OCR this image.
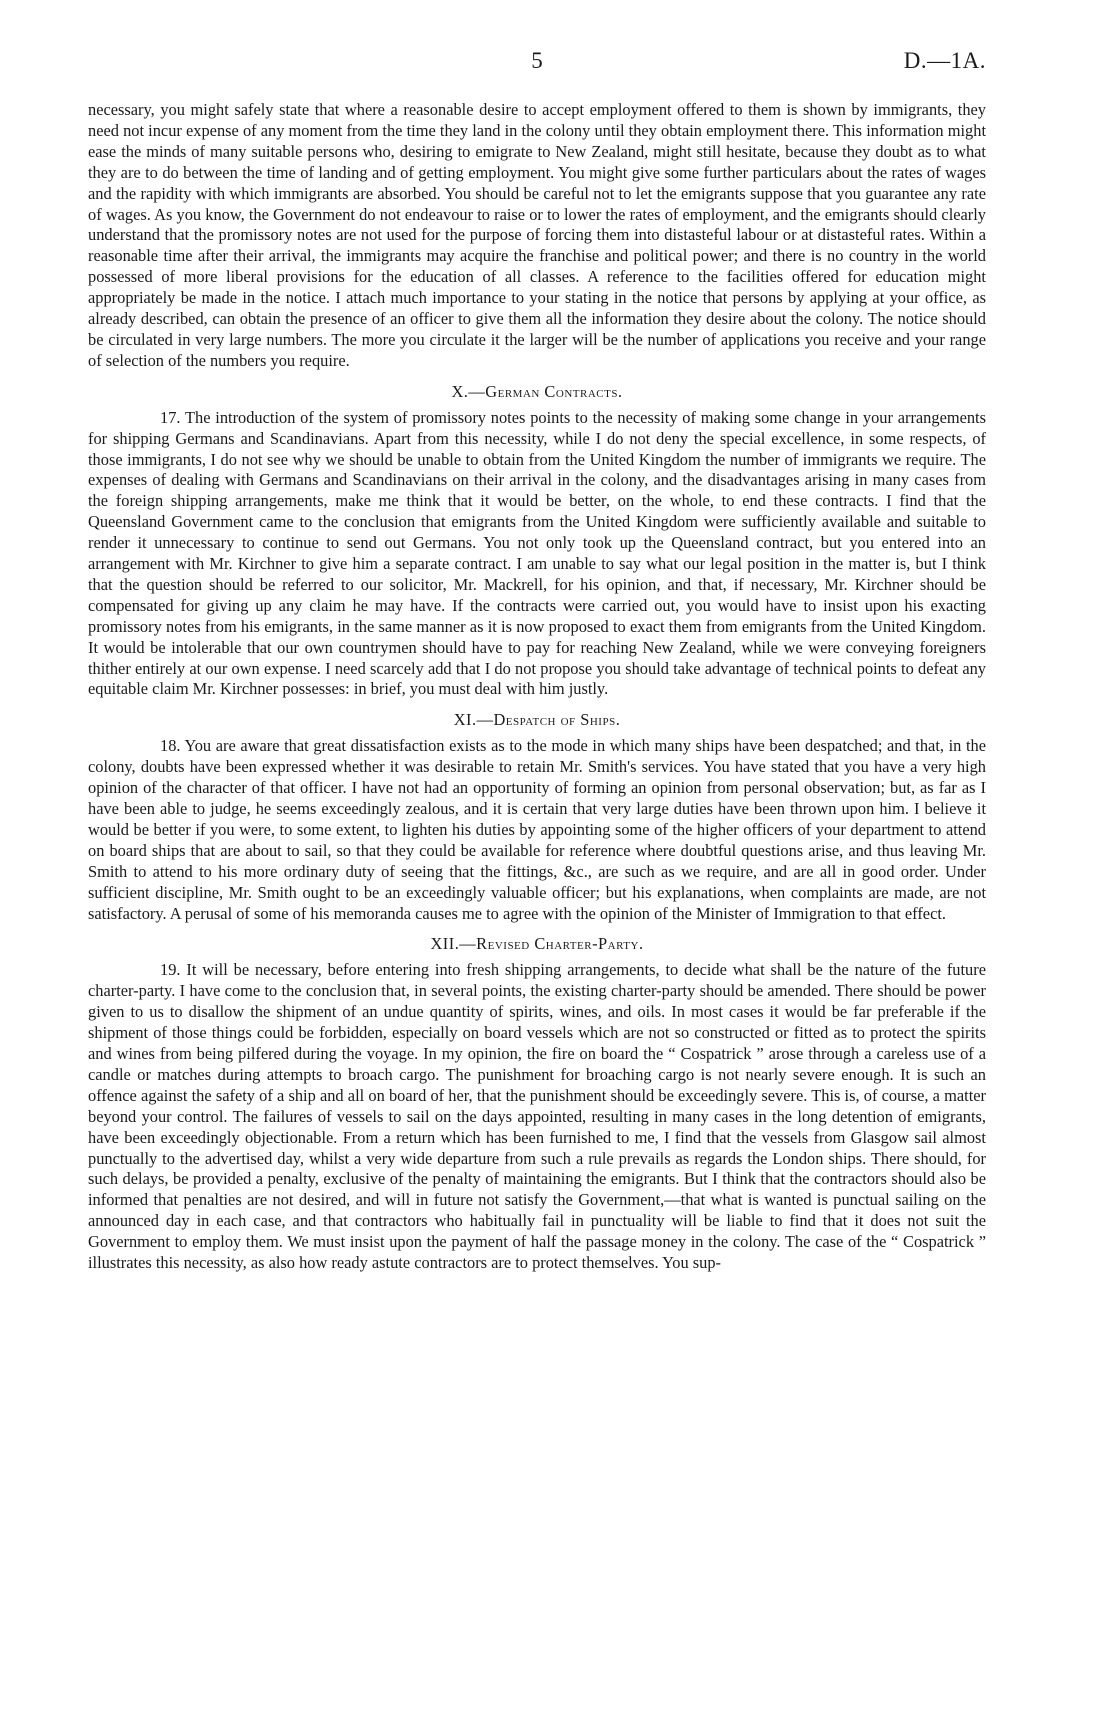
5	D.—1A.

necessary, you might safely state that where a reasonable desire to accept employment offered to them is shown by immigrants, they need not incur expense of any moment from the time they land in the colony until they obtain employment there. This information might ease the minds of many suitable persons who, desiring to emigrate to New Zealand, might still hesitate, because they doubt as to what they are to do between the time of landing and of getting employment. You might give some further particulars about the rates of wages and the rapidity with which immigrants are absorbed. You should be careful not to let the emigrants suppose that you guarantee any rate of wages. As you know, the Government do not endeavour to raise or to lower the rates of employment, and the emigrants should clearly understand that the promissory notes are not used for the purpose of forcing them into distasteful labour or at distasteful rates. Within a reasonable time after their arrival, the immigrants may acquire the franchise and political power; and there is no country in the world possessed of more liberal provisions for the education of all classes. A reference to the facilities offered for education might appropriately be made in the notice. I attach much importance to your stating in the notice that persons by applying at your office, as already described, can obtain the presence of an officer to give them all the information they desire about the colony. The notice should be circulated in very large numbers. The more you circulate it the larger will be the number of applications you receive and your range of selection of the numbers you require.

X.—German Contracts.

17. The introduction of the system of promissory notes points to the necessity of making some change in your arrangements for shipping Germans and Scandinavians. Apart from this necessity, while I do not deny the special excellence, in some respects, of those immigrants, I do not see why we should be unable to obtain from the United Kingdom the number of immigrants we require. The expenses of dealing with Germans and Scandinavians on their arrival in the colony, and the disadvantages arising in many cases from the foreign shipping arrangements, make me think that it would be better, on the whole, to end these contracts. I find that the Queensland Government came to the conclusion that emigrants from the United Kingdom were sufficiently available and suitable to render it unnecessary to continue to send out Germans. You not only took up the Queensland contract, but you entered into an arrangement with Mr. Kirchner to give him a separate contract. I am unable to say what our legal position in the matter is, but I think that the question should be referred to our solicitor, Mr. Mackrell, for his opinion, and that, if necessary, Mr. Kirchner should be compensated for giving up any claim he may have. If the contracts were carried out, you would have to insist upon his exacting promissory notes from his emigrants, in the same manner as it is now proposed to exact them from emigrants from the United Kingdom. It would be intolerable that our own countrymen should have to pay for reaching New Zealand, while we were conveying foreigners thither entirely at our own expense. I need scarcely add that I do not propose you should take advantage of technical points to defeat any equitable claim Mr. Kirchner possesses: in brief, you must deal with him justly.

XI.—Despatch of Ships.

18. You are aware that great dissatisfaction exists as to the mode in which many ships have been despatched; and that, in the colony, doubts have been expressed whether it was desirable to retain Mr. Smith's services. You have stated that you have a very high opinion of the character of that officer. I have not had an opportunity of forming an opinion from personal observation; but, as far as I have been able to judge, he seems exceedingly zealous, and it is certain that very large duties have been thrown upon him. I believe it would be better if you were, to some extent, to lighten his duties by appointing some of the higher officers of your department to attend on board ships that are about to sail, so that they could be available for reference where doubtful questions arise, and thus leaving Mr. Smith to attend to his more ordinary duty of seeing that the fittings, &c., are such as we require, and are all in good order. Under sufficient discipline, Mr. Smith ought to be an exceedingly valuable officer; but his explanations, when complaints are made, are not satisfactory. A perusal of some of his memoranda causes me to agree with the opinion of the Minister of Immigration to that effect.

XII.—Revised Charter-Party.

19. It will be necessary, before entering into fresh shipping arrangements, to decide what shall be the nature of the future charter-party. I have come to the conclusion that, in several points, the existing charter-party should be amended. There should be power given to us to disallow the shipment of an undue quantity of spirits, wines, and oils. In most cases it would be far preferable if the shipment of those things could be forbidden, especially on board vessels which are not so constructed or fitted as to protect the spirits and wines from being pilfered during the voyage. In my opinion, the fire on board the “ Cospatrick ” arose through a careless use of a candle or matches during attempts to broach cargo. The punishment for broaching cargo is not nearly severe enough. It is such an offence against the safety of a ship and all on board of her, that the punishment should be exceedingly severe. This is, of course, a matter beyond your control. The failures of vessels to sail on the days appointed, resulting in many cases in the long detention of emigrants, have been exceedingly objectionable. From a return which has been furnished to me, I find that the vessels from Glasgow sail almost punctually to the advertised day, whilst a very wide departure from such a rule prevails as regards the London ships. There should, for such delays, be provided a penalty, exclusive of the penalty of maintaining the emigrants. But I think that the contractors should also be informed that penalties are not desired, and will in future not satisfy the Government,—that what is wanted is punctual sailing on the announced day in each case, and that contractors who habitually fail in punctuality will be liable to find that it does not suit the Government to employ them. We must insist upon the payment of half the passage money in the colony. The case of the “ Cospatrick ” illustrates this necessity, as also how ready astute contractors are to protect themselves. You sup-
